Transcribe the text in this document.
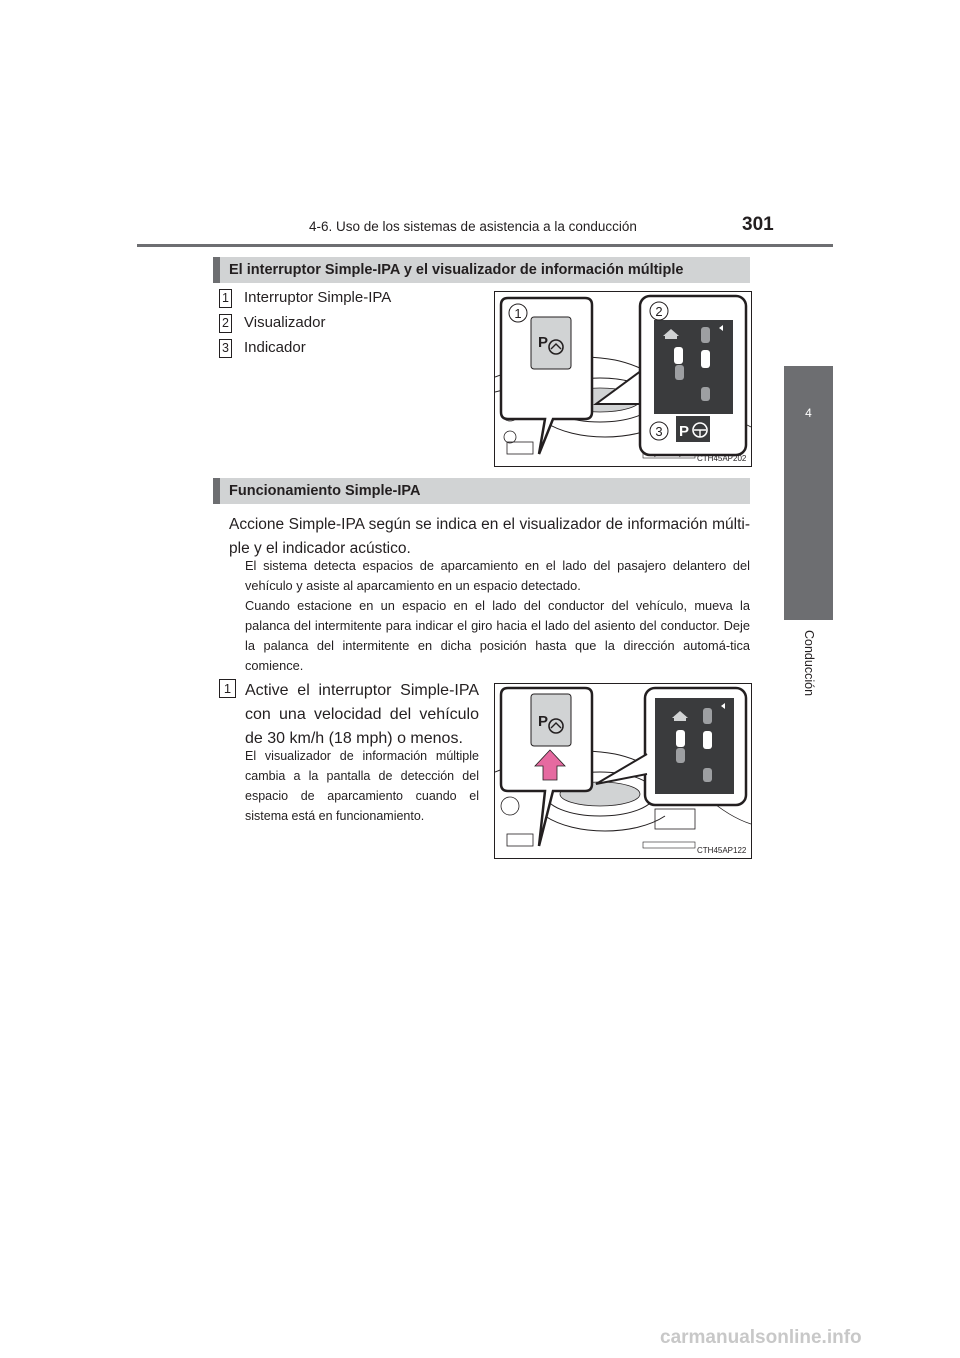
4-6. Uso de los sistemas de asistencia a la conducción	301
4
Conducción
El interruptor Simple-IPA y el visualizador de información múltiple
1 Interruptor Simple-IPA
2 Visualizador
3 Indicador	P
1
P
2
3
CTH45AP202
Funcionamiento Simple-IPA
Accione Simple-IPA según se indica en el visualizador de información múlti-ple y el indicador acústico.
El sistema detecta espacios de aparcamiento en el lado del pasajero delantero del vehículo y asiste al aparcamiento en un espacio detectado.
Cuando estacione en un espacio en el lado del conductor del vehículo, mueva la palanca del intermitente para indicar el giro hacia el lado del asiento del conductor. Deje la palanca del intermitente en dicha posición hasta que la dirección automá-tica comience.
1 Active el interruptor Simple-IPA con una velocidad del vehículo de 30 km/h (18 mph) o menos.
El visualizador de información múltiple cambia a la pantalla de detección del espacio de aparcamiento cuando el sistema está en funcionamiento.
P
CTH45AP122
carmanualsonline.info
